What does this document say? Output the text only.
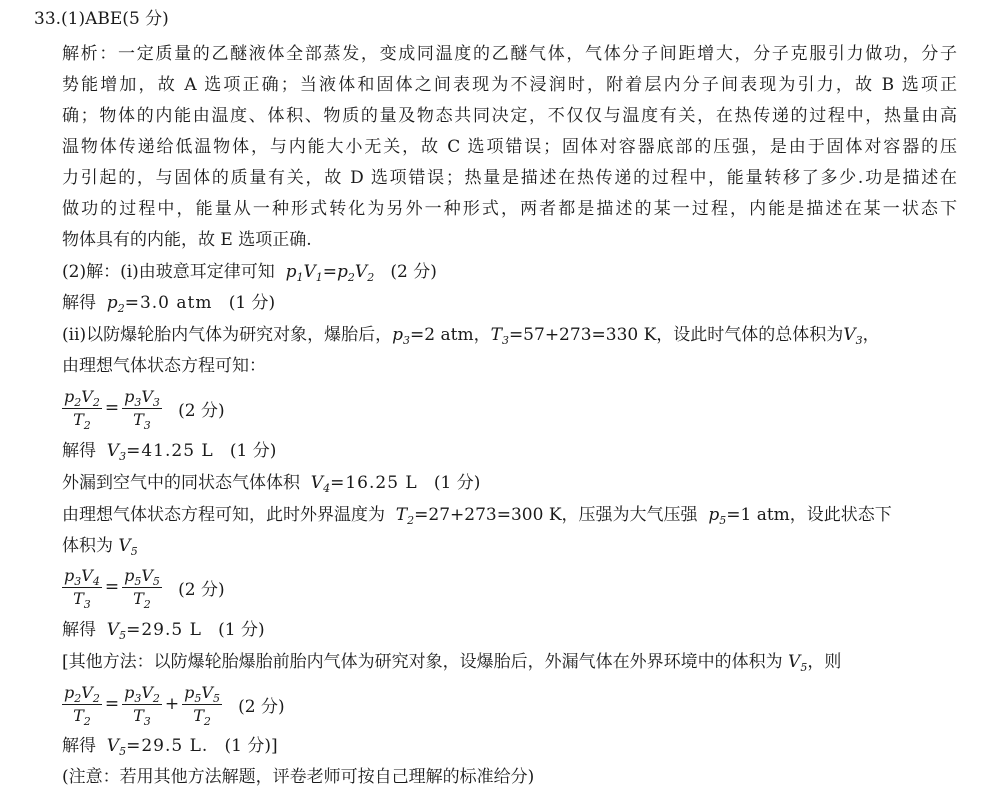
33.(1)ABE(5 分)
解析：一定质量的乙醚液体全部蒸发，变成同温度的乙醚气体，气体分子间距增大，分子克服引力做功，分子
势能增加，故 A 选项正确；当液体和固体之间表现为不浸润时，附着层内分子间表现为引力，故 B 选项正
确；物体的内能由温度、体积、物质的量及物态共同决定，不仅仅与温度有关，在热传递的过程中，热量由高
温物体传递给低温物体，与内能大小无关，故 C 选项错误；固体对容器底部的压强，是由于固体对容器的压
力引起的，与固体的质量有关，故 D 选项错误；热量是描述在热传递的过程中，能量转移了多少.功是描述在
做功的过程中，能量从一种形式转化为另外一种形式，两者都是描述的某一过程，内能是描述在某一状态下
物体具有的内能，故 E 选项正确.
(2)解：(ⅰ)由玻意耳定律可知  $p_1V_1=p_2V_2$ (2 分)
解得  $p_2=3.0$ atm (1 分)
(ⅱ)以防爆轮胎内气体为研究对象，爆胎后，$p_3=2$ atm，$T_3=57+273=330$ K，设此时气体的总体积为$V_3$，
由理想气体状态方程可知：
$\frac{p_2V_2}{T_2} = \frac{p_3V_3}{T_3}$
(2 分)
解得  $V_3=41.25$ L (1 分)
外漏到空气中的同状态气体体积  $V_4=16.25$ L (1 分)
由理想气体状态方程可知，此时外界温度为  $T_2=27+273=300$ K，压强为大气压强  $p_5=1$ atm，设此状态下
体积为 $V_5$
$\frac{p_3V_4}{T_3} = \frac{p_5V_5}{T_2}$
(2 分)
解得  $V_5=29.5$ L (1 分)
[其他方法：以防爆轮胎爆胎前胎内气体为研究对象，设爆胎后，外漏气体在外界环境中的体积为 $V_5$，则
$\frac{p_2V_2}{T_2} = \frac{p_3V_2}{T_3} + \frac{p_5V_5}{T_2}$
(2 分)
解得  $V_5=29.5$ L. (1 分)]
(注意：若用其他方法解题，评卷老师可按自己理解的标准给分)
